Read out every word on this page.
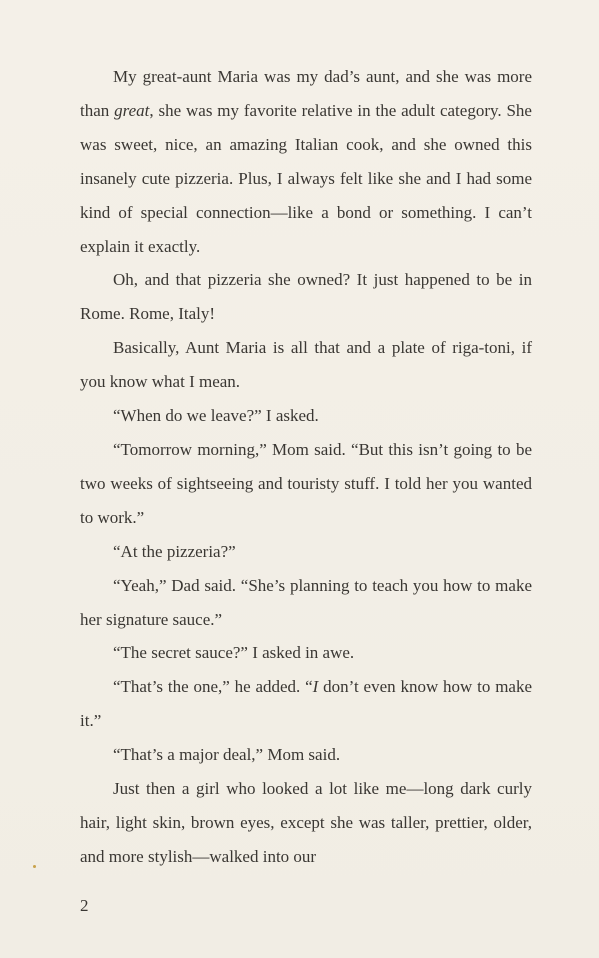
My great-aunt Maria was my dad’s aunt, and she was more than great, she was my favorite relative in the adult category. She was sweet, nice, an amazing Italian cook, and she owned this insanely cute pizzeria. Plus, I always felt like she and I had some kind of special connection—like a bond or something. I can’t explain it exactly.

Oh, and that pizzeria she owned? It just happened to be in Rome. Rome, Italy!

Basically, Aunt Maria is all that and a plate of riga-toni, if you know what I mean.

“When do we leave?” I asked.

“Tomorrow morning,” Mom said. “But this isn’t going to be two weeks of sightseeing and touristy stuff. I told her you wanted to work.”

“At the pizzeria?”

“Yeah,” Dad said. “She’s planning to teach you how to make her signature sauce.”

“The secret sauce?” I asked in awe.

“That’s the one,” he added. “I don’t even know how to make it.”

“That’s a major deal,” Mom said.

Just then a girl who looked a lot like me—long dark curly hair, light skin, brown eyes, except she was taller, prettier, older, and more stylish—walked into our

2
